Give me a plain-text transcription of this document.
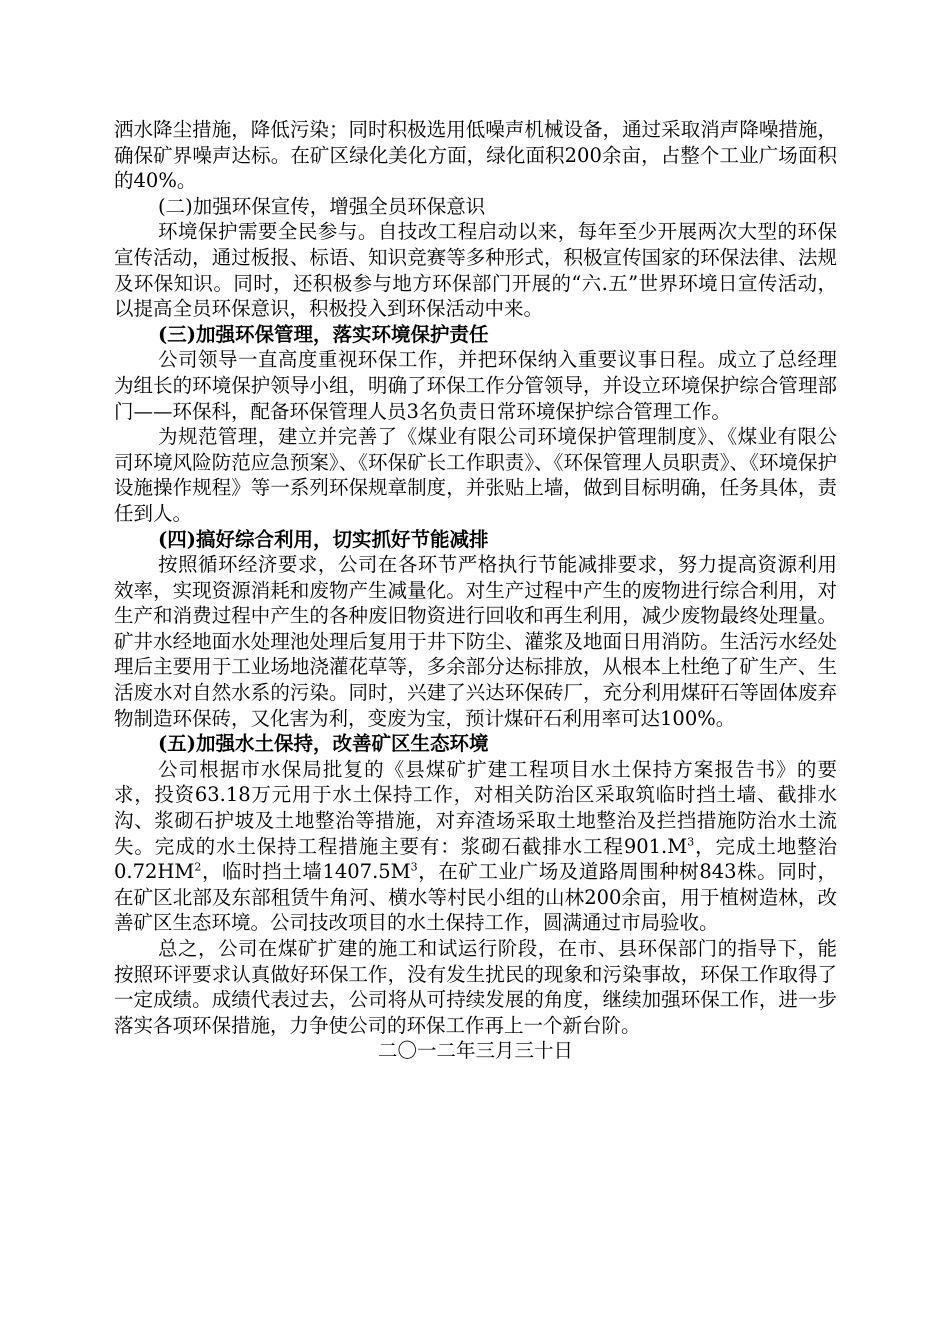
洒水降尘措施，降低污染；同时积极选用低噪声机械设备，通过采取消声降噪措施，确保矿界噪声达标。在矿区绿化美化方面，绿化面积200余亩，占整个工业广场面积的40%。

(二)加强环保宣传，增强全员环保意识

环境保护需要全民参与。自技改工程启动以来，每年至少开展两次大型的环保宣传活动，通过板报、标语、知识竞赛等多种形式，积极宣传国家的环保法律、法规及环保知识。同时，还积极参与地方环保部门开展的“六.五”世界环境日宣传活动，以提高全员环保意识，积极投入到环保活动中来。

(三)加强环保管理，落实环境保护责任

公司领导一直高度重视环保工作，并把环保纳入重要议事日程。成立了总经理为组长的环境保护领导小组，明确了环保工作分管领导，并设立环境保护综合管理部门——环保科，配备环保管理人员3名负责日常环境保护综合管理工作。

为规范管理，建立并完善了《煤业有限公司环境保护管理制度》、《煤业有限公司环境风险防范应急预案》、《环保矿长工作职责》、《环保管理人员职责》、《环境保护设施操作规程》等一系列环保规章制度，并张贴上墙，做到目标明确，任务具体，责任到人。

(四)搞好综合利用，切实抓好节能减排

按照循环经济要求，公司在各环节严格执行节能减排要求，努力提高资源利用效率，实现资源消耗和废物产生减量化。对生产过程中产生的废物进行综合利用，对生产和消费过程中产生的各种废旧物资进行回收和再生利用，减少废物最终处理量。矿井水经地面水处理池处理后复用于井下防尘、灌浆及地面日用消防。生活污水经处理后主要用于工业场地浇灌花草等，多余部分达标排放，从根本上杜绝了矿生产、生活废水对自然水系的污染。同时，兴建了兴达环保砖厂，充分利用煤矸石等固体废弃物制造环保砖，又化害为利，变废为宝，预计煤矸石利用率可达100%。

(五)加强水土保持，改善矿区生态环境

公司根据市水保局批复的《县煤矿扩建工程项目水土保持方案报告书》的要求，投资63.18万元用于水土保持工作，对相关防治区采取筑临时挡土墙、截排水沟、浆砌石护坡及土地整治等措施，对弃渣场采取土地整治及拦挡措施防治水土流失。完成的水土保持工程措施主要有：浆砌石截排水工程$901.M^3$，完成土地整治$0.72HM^2$，临时挡土墙$1407.5M^3$，在矿工业广场及道路周围种树843株。同时，在矿区北部及东部租赁牛角河、横水等村民小组的山林200余亩，用于植树造林，改善矿区生态环境。公司技改项目的水土保持工作，圆满通过市局验收。

总之，公司在煤矿扩建的施工和试运行阶段，在市、县环保部门的指导下，能按照环评要求认真做好环保工作，没有发生扰民的现象和污染事故，环保工作取得了一定成绩。成绩代表过去，公司将从可持续发展的角度，继续加强环保工作，进一步落实各项环保措施，力争使公司的环保工作再上一个新台阶。

二〇一二年三月三十日
